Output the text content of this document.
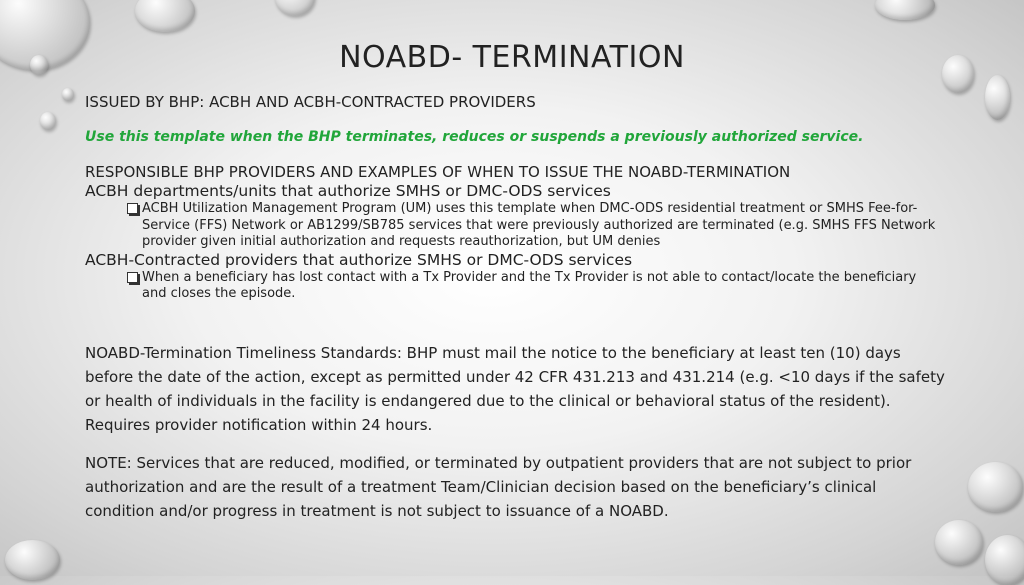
NOABD- TERMINATION
ISSUED BY BHP: ACBH AND ACBH-CONTRACTED PROVIDERS
Use this template when the BHP terminates, reduces or suspends a previously authorized service.
RESPONSIBLE BHP PROVIDERS AND EXAMPLES OF WHEN TO ISSUE THE NOABD-TERMINATION
ACBH departments/units that authorize SMHS or DMC-ODS services
ACBH Utilization Management Program (UM) uses this template when DMC-ODS residential treatment or SMHS Fee-for-Service (FFS) Network or AB1299/SB785 services that were previously authorized are terminated (e.g. SMHS FFS Network provider given initial authorization and requests reauthorization, but UM denies
ACBH-Contracted providers that authorize SMHS or DMC-ODS services
When a beneficiary has lost contact with a Tx Provider and the Tx Provider is not able to contact/locate the beneficiary and closes the episode.
NOABD-Termination Timeliness Standards: BHP must mail the notice to the beneficiary at least ten (10) days before the date of the action, except as permitted under 42 CFR 431.213 and 431.214 (e.g. <10 days if the safety or health of individuals in the facility is endangered due to the clinical or behavioral status of the resident). Requires provider notification within 24 hours.
NOTE: Services that are reduced, modified, or terminated by outpatient providers that are not subject to prior authorization and are the result of a treatment Team/Clinician decision based on the beneficiary’s clinical condition and/or progress in treatment is not subject to issuance of a NOABD.
